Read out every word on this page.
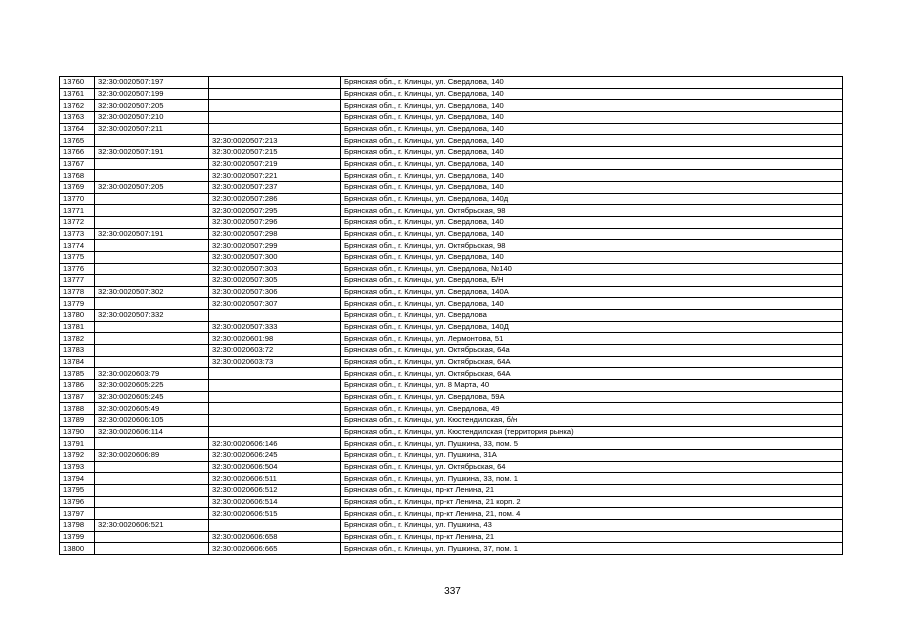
13760	32:30:0020507:197		Брянская обл., г. Клинцы, ул. Свердлова, 140
13761	32:30:0020507:199		Брянская обл., г. Клинцы, ул. Свердлова, 140
13762	32:30:0020507:205		Брянская обл., г. Клинцы, ул. Свердлова, 140
13763	32:30:0020507:210		Брянская обл., г. Клинцы, ул. Свердлова, 140
13764	32:30:0020507:211		Брянская обл., г. Клинцы, ул. Свердлова, 140
13765		32:30:0020507:213	Брянская обл., г. Клинцы, ул. Свердлова, 140
13766	32:30:0020507:191	32:30:0020507:215	Брянская обл., г. Клинцы, ул. Свердлова, 140
13767		32:30:0020507:219	Брянская обл., г. Клинцы, ул. Свердлова, 140
13768		32:30:0020507:221	Брянская обл., г. Клинцы, ул. Свердлова, 140
13769	32:30:0020507:205	32:30:0020507:237	Брянская обл., г. Клинцы, ул. Свердлова, 140
13770		32:30:0020507:286	Брянская обл., г. Клинцы, ул. Свердлова, 140д
13771		32:30:0020507:295	Брянская обл., г. Клинцы, ул. Октябрьская, 98
13772		32:30:0020507:296	Брянская обл., г. Клинцы, ул. Свердлова, 140
13773	32:30:0020507:191	32:30:0020507:298	Брянская обл., г. Клинцы, ул. Свердлова, 140
13774		32:30:0020507:299	Брянская обл., г. Клинцы, ул. Октябрьская, 98
13775		32:30:0020507:300	Брянская обл., г. Клинцы, ул. Свердлова, 140
13776		32:30:0020507:303	Брянская обл., г. Клинцы, ул. Свердлова, №140
13777		32:30:0020507:305	Брянская обл., г. Клинцы, ул. Свердлова, Б/Н
13778	32:30:0020507:302	32:30:0020507:306	Брянская обл., г. Клинцы, ул. Свердлова, 140А
13779		32:30:0020507:307	Брянская обл., г. Клинцы, ул. Свердлова, 140
13780	32:30:0020507:332		Брянская обл., г. Клинцы, ул. Свердлова
13781		32:30:0020507:333	Брянская обл., г. Клинцы, ул. Свердлова, 140Д
13782		32:30:0020601:98	Брянская обл., г. Клинцы, ул. Лермонтова, 51
13783		32:30:0020603:72	Брянская обл., г. Клинцы, ул. Октябрьская, 64а
13784		32:30:0020603:73	Брянская обл., г. Клинцы, ул. Октябрьская, 64А
13785	32:30:0020603:79		Брянская обл., г. Клинцы, ул. Октябрьская, 64А
13786	32:30:0020605:225		Брянская обл., г. Клинцы, ул. 8 Марта, 40
13787	32:30:0020605:245		Брянская обл., г. Клинцы, ул. Свердлова, 59А
13788	32:30:0020605:49		Брянская обл., г. Клинцы, ул. Свердлова, 49
13789	32:30:0020606:105		Брянская обл., г. Клинцы, ул. Кюстендилская, б/н
13790	32:30:0020606:114		Брянская обл., г. Клинцы, ул. Кюстендилская (территория рынка)
13791		32:30:0020606:146	Брянская обл., г. Клинцы, ул. Пушкина, 33, пом. 5
13792	32:30:0020606:89	32:30:0020606:245	Брянская обл., г. Клинцы, ул. Пушкина, 31А
13793		32:30:0020606:504	Брянская обл., г. Клинцы, ул. Октябрьская, 64
13794		32:30:0020606:511	Брянская обл., г. Клинцы, ул. Пушкина, 33, пом. 1
13795		32:30:0020606:512	Брянская обл., г. Клинцы, пр-кт Ленина, 21
13796		32:30:0020606:514	Брянская обл., г. Клинцы, пр-кт Ленина, 21 корп. 2
13797		32:30:0020606:515	Брянская обл., г. Клинцы, пр-кт Ленина, 21, пом. 4
13798	32:30:0020606:521		Брянская обл., г. Клинцы, ул. Пушкина, 43
13799		32:30:0020606:658	Брянская обл., г. Клинцы, пр-кт Ленина, 21
13800		32:30:0020606:665	Брянская обл., г. Клинцы, ул. Пушкина, 37, пом. 1
337
